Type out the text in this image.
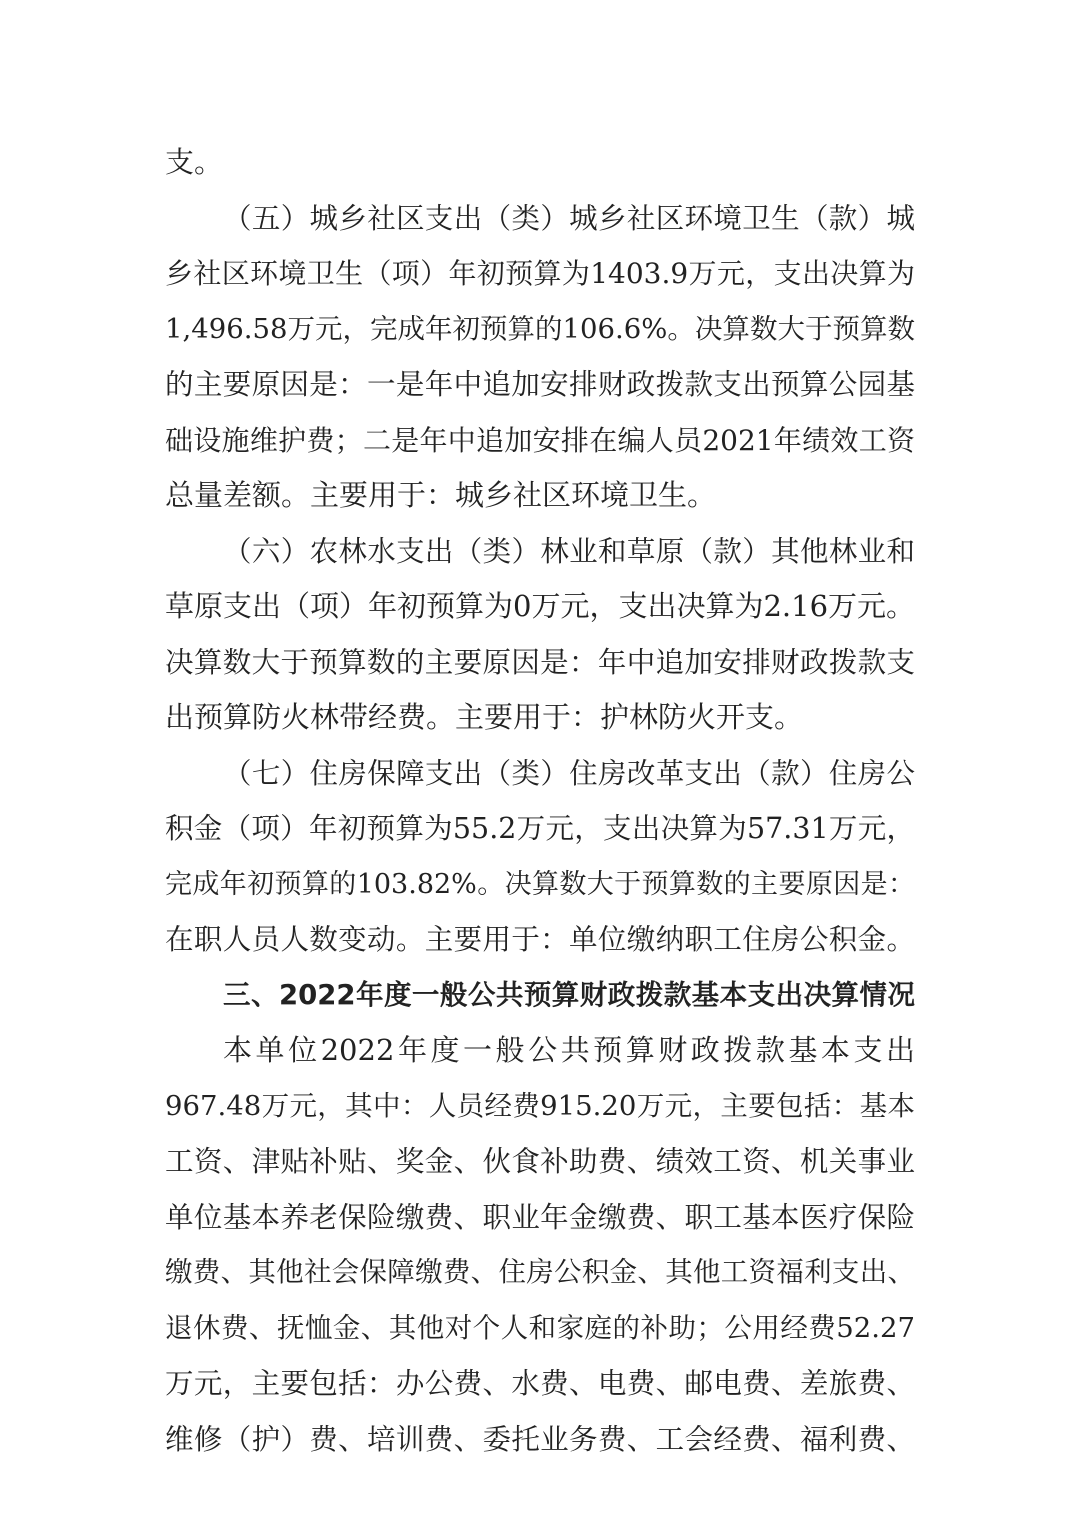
支。
（五）城乡社区支出（类）城乡社区环境卫生（款）城
乡社区环境卫生（项）年初预算为1403.9万元，支出决算为
1,496.58万元，完成年初预算的106.6%。决算数大于预算数
的主要原因是：一是年中追加安排财政拨款支出预算公园基
础设施维护费；二是年中追加安排在编人员2021年绩效工资
总量差额。主要用于：城乡社区环境卫生。
（六）农林水支出（类）林业和草原（款）其他林业和
草原支出（项）年初预算为0万元，支出决算为2.16万元。
决算数大于预算数的主要原因是：年中追加安排财政拨款支
出预算防火林带经费。主要用于：护林防火开支。
（七）住房保障支出（类）住房改革支出（款）住房公
积金（项）年初预算为55.2万元，支出决算为57.31万元，
完成年初预算的103.82%。决算数大于预算数的主要原因是：
在职人员人数变动。主要用于：单位缴纳职工住房公积金。
三、2022年度一般公共预算财政拨款基本支出决算情况
本单位2022年度一般公共预算财政拨款基本支出
967.48万元，其中：人员经费915.20万元，主要包括：基本
工资、津贴补贴、奖金、伙食补助费、绩效工资、机关事业
单位基本养老保险缴费、职业年金缴费、职工基本医疗保险
缴费、其他社会保障缴费、住房公积金、其他工资福利支出、
退休费、抚恤金、其他对个人和家庭的补助；公用经费52.27
万元，主要包括：办公费、水费、电费、邮电费、差旅费、
维修（护）费、培训费、委托业务费、工会经费、福利费、
